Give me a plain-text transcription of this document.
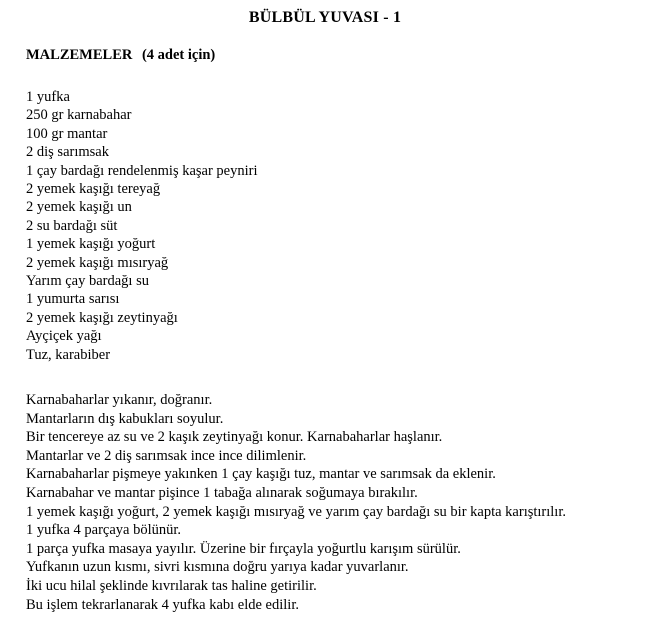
BÜLBÜL YUVASI - 1
MALZEMELER (4 adet için)
1 yufka
250 gr karnabahar
100 gr mantar
2 diş sarımsak
1 çay bardağı rendelenmiş kaşar peyniri
2 yemek kaşığı tereyağ
2 yemek kaşığı un
2 su bardağı süt
1 yemek kaşığı yoğurt
2 yemek kaşığı mısıryağ
Yarım çay bardağı su
1 yumurta sarısı
2 yemek kaşığı zeytinyağı
Ayçiçek yağı
Tuz, karabiber
Karnabaharlar yıkanır, doğranır.
Mantarların dış kabukları soyulur.
Bir tencereye az su ve 2 kaşık zeytinyağı konur. Karnabaharlar haşlanır.
Mantarlar ve 2 diş sarımsak ince ince dilimlenir.
Karnabaharlar pişmeye yakınken 1 çay kaşığı tuz, mantar ve sarımsak da eklenir.
Karnabahar ve mantar pişince 1 tabağa alınarak soğumaya bırakılır.
1 yemek kaşığı yoğurt, 2 yemek kaşığı mısıryağ ve yarım çay bardağı su bir kapta karıştırılır.
1 yufka 4 parçaya bölünür.
1 parça yufka masaya yayılır. Üzerine bir fırçayla yoğurtlu karışım sürülür.
Yufkanın uzun kısmı, sivri kısmına doğru yarıya kadar yuvarlanır.
İki ucu hilal şeklinde kıvrılarak tas haline getirilir.
Bu işlem tekrarlanarak 4 yufka kabı elde edilir.
